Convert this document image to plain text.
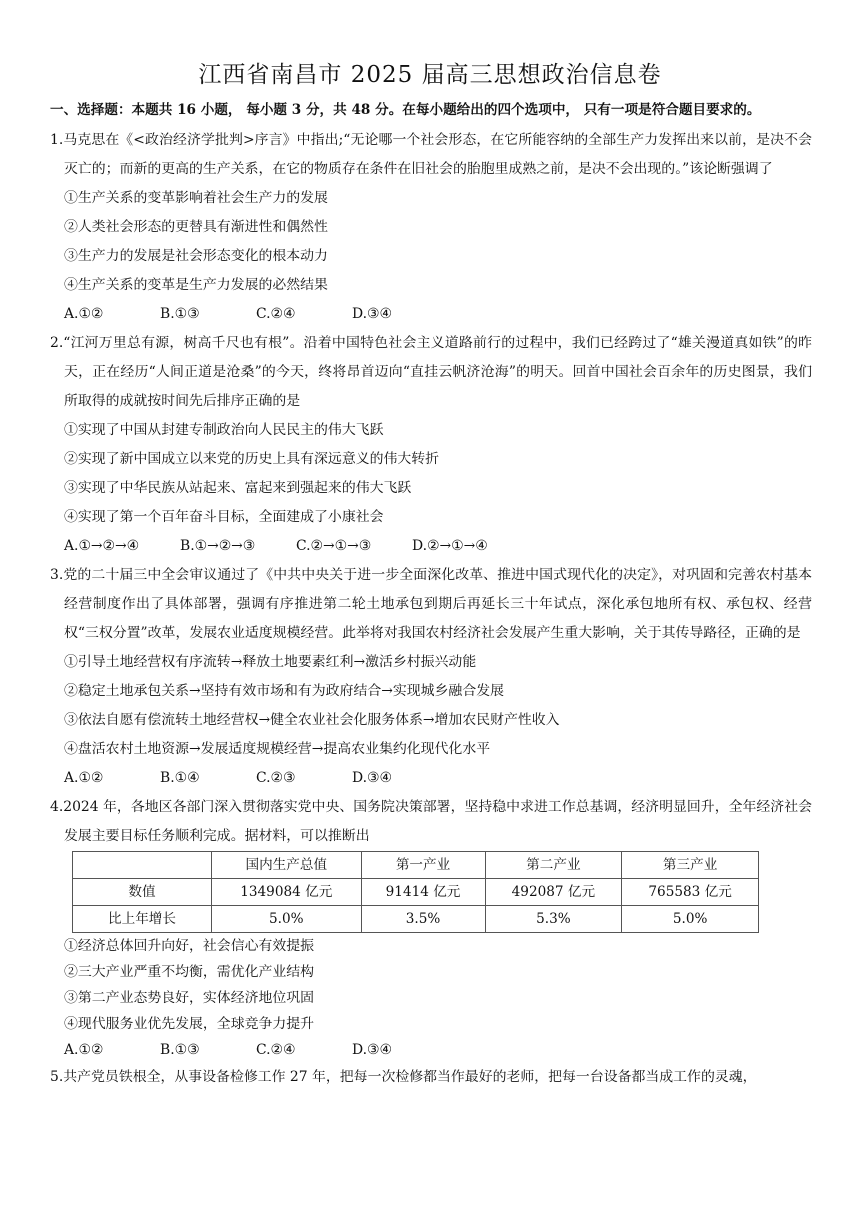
江西省南昌市 2025 届高三思想政治信息卷
一、选择题：本题共 16 小题， 每小题 3 分，共 48 分。在每小题给出的四个选项中， 只有一项是符合题目要求的。

1.马克思在《<政治经济学批判>序言》中指出;“无论哪一个社会形态，在它所能容纳的全部生产力发挥出来以前，是决不会灭亡的；而新的更高的生产关系，在它的物质存在条件在旧社会的胎胞里成熟之前，是决不会出现的。”该论断强调了

①生产关系的变革影响着社会生产力的发展

②人类社会形态的更替具有渐进性和偶然性

③生产力的发展是社会形态变化的根本动力

④生产关系的变革是生产力发展的必然结果

A.①②	B.①③	C.②④	D.③④

2.“江河万里总有源，树高千尺也有根”。沿着中国特色社会主义道路前行的过程中，我们已经跨过了“雄关漫道真如铁”的昨天，正在经历“人间正道是沧桑”的今天，终将昂首迈向“直挂云帆济沧海”的明天。回首中国社会百余年的历史图景，我们所取得的成就按时间先后排序正确的是

①实现了中国从封建专制政治向人民民主的伟大飞跃

②实现了新中国成立以来党的历史上具有深远意义的伟大转折

③实现了中华民族从站起来、富起来到强起来的伟大飞跃

④实现了第一个百年奋斗目标，全面建成了小康社会

A.①→②→④	B.①→②→③	C.②→①→③	D.②→①→④

3.党的二十届三中全会审议通过了《中共中央关于进一步全面深化改革、推进中国式现代化的决定》，对巩固和完善农村基本经营制度作出了具体部署，强调有序推进第二轮土地承包到期后再延长三十年试点，深化承包地所有权、承包权、经营权“三权分置”改革，发展农业适度规模经营。此举将对我国农村经济社会发展产生重大影响，关于其传导路径，正确的是

①引导土地经营权有序流转→释放土地要素红利→激活乡村振兴动能

②稳定土地承包关系→坚持有效市场和有为政府结合→实现城乡融合发展

③依法自愿有偿流转土地经营权→健全农业社会化服务体系→增加农民财产性收入

④盘活农村土地资源→发展适度规模经营→提高农业集约化现代化水平

A.①②	B.①④	C.②③	D.③④

4.2024 年，各地区各部门深入贯彻落实党中央、国务院决策部署，坚持稳中求进工作总基调，经济明显回升，全年经济社会发展主要目标任务顺利完成。据材料，可以推断出

	国内生产总值	第一产业	第二产业	第三产业
数值	1349084 亿元	91414 亿元	492087 亿元	765583 亿元
比上年增长	5.0%	3.5%	5.3%	5.0%

①经济总体回升向好，社会信心有效提振

②三大产业严重不均衡，需优化产业结构

③第二产业态势良好，实体经济地位巩固

④现代服务业优先发展，全球竞争力提升

A.①②	B.①③	C.②④	D.③④

5.共产党员铁根全，从事设备检修工作 27 年，把每一次检修都当作最好的老师，把每一台设备都当成工作的灵魂，
